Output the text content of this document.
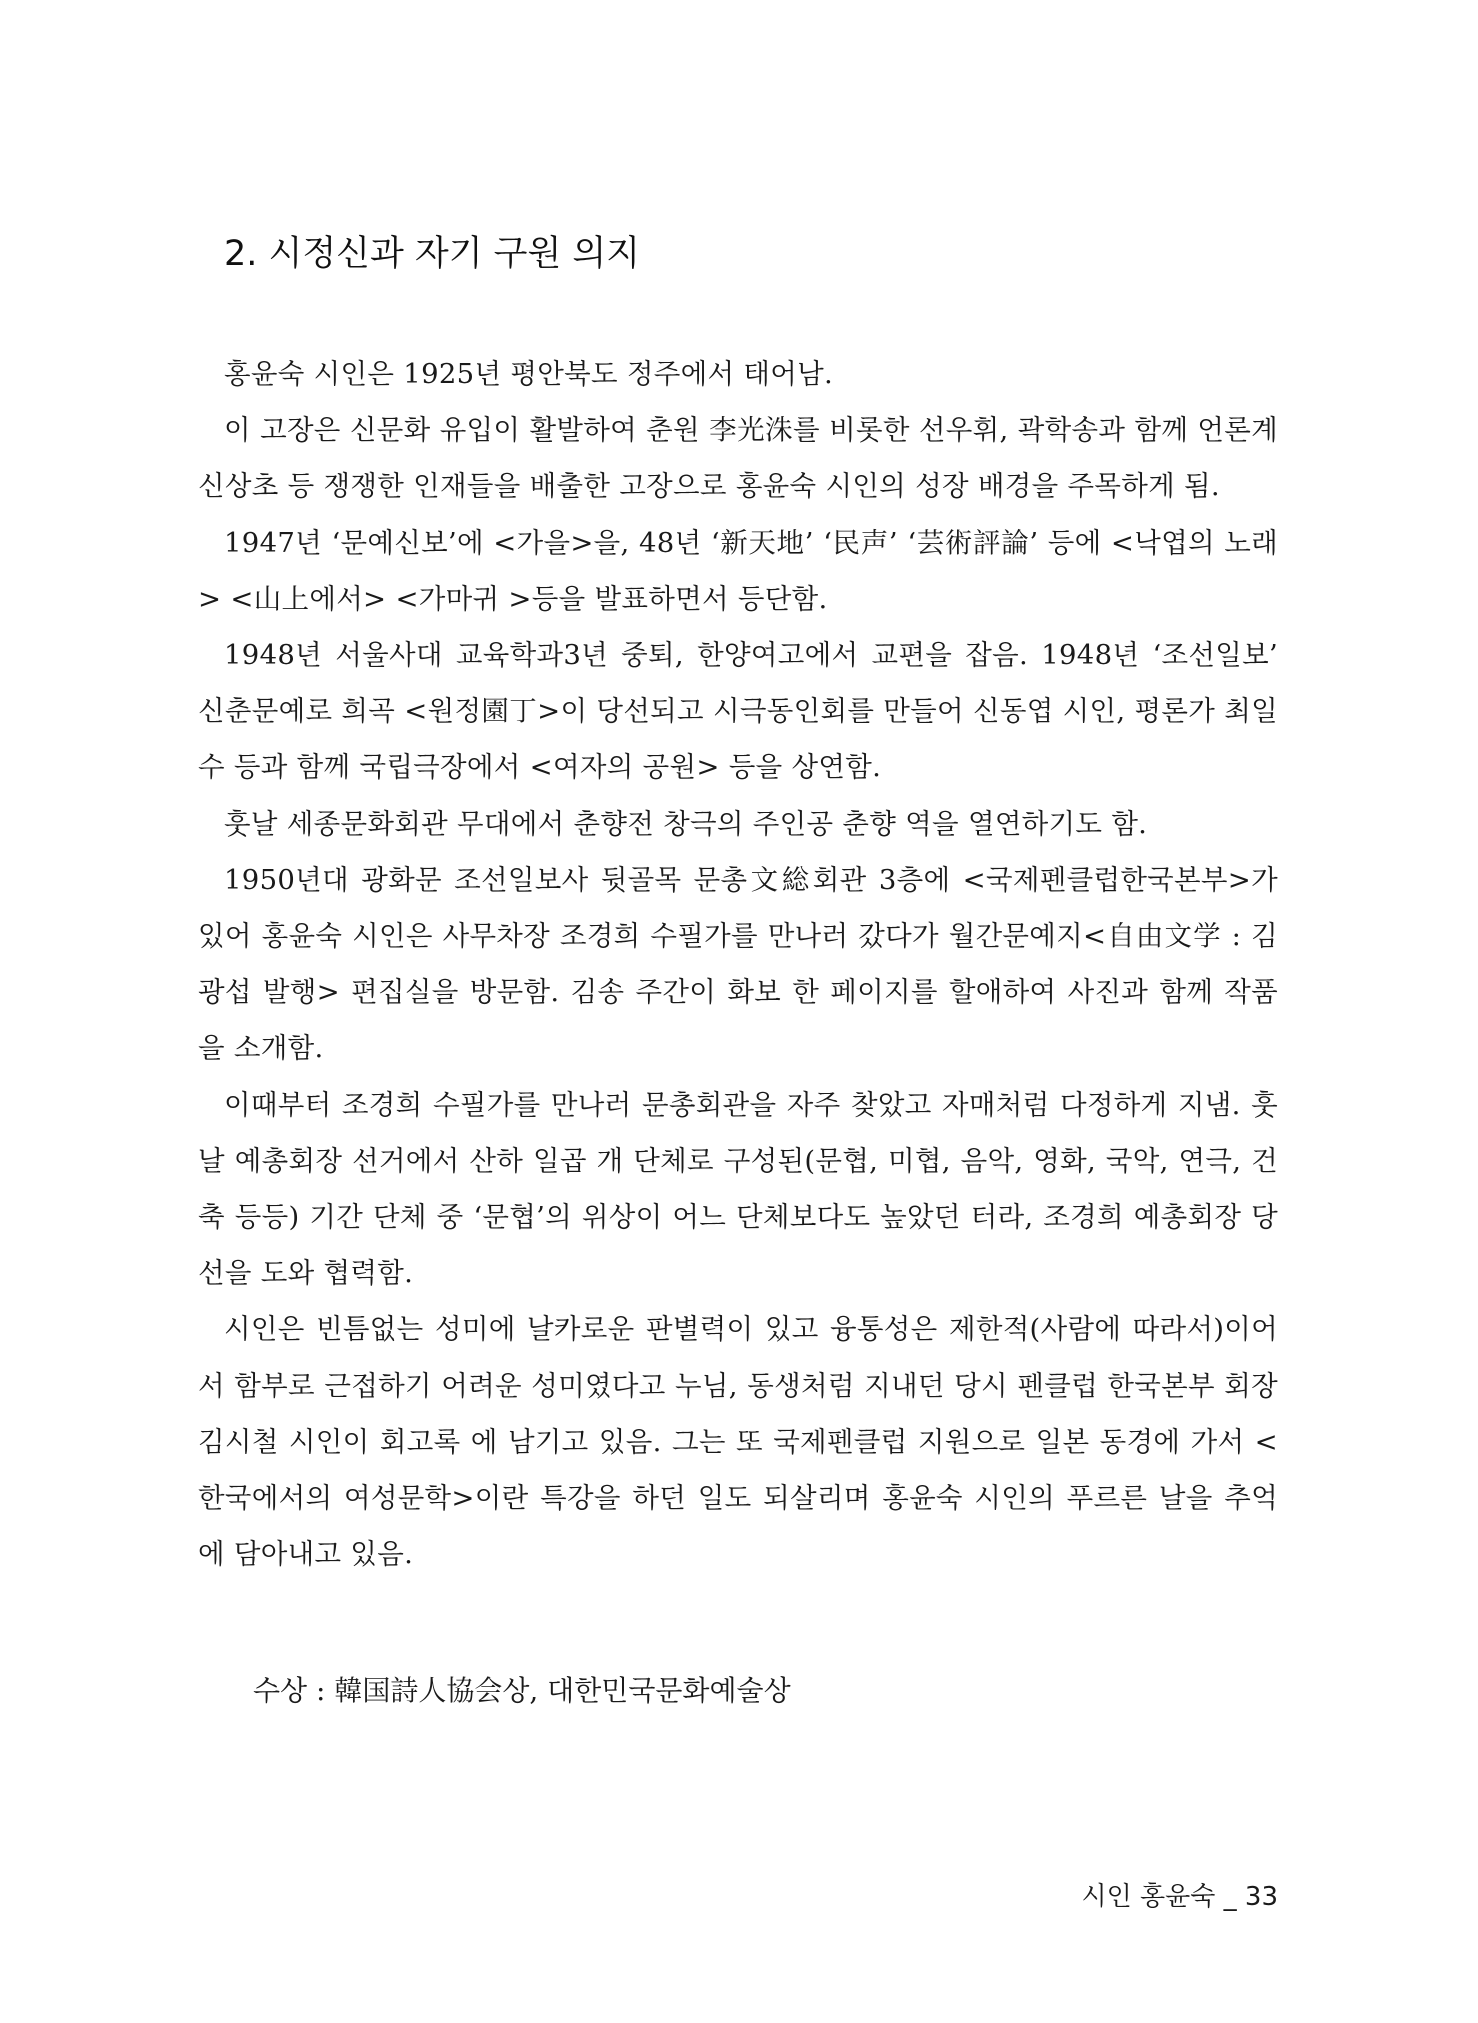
2. 시정신과 자기 구원 의지

홍윤숙 시인은 1925년 평안북도 정주에서 태어남.

이 고장은 신문화 유입이 활발하여 춘원 李光洙를 비롯한 선우휘, 곽학송과 함께 언론계 신상초 등 쟁쟁한 인재들을 배출한 고장으로 홍윤숙 시인의 성장 배경을 주목하게 됨.

1947년 ‘문예신보’에 <가을>을, 48년 ‘新天地’ ‘民声’ ‘芸術評論’ 등에 <낙엽의 노래> <山上에서> <가마귀 >등을 발표하면서 등단함.

1948년 서울사대 교육학과3년 중퇴, 한양여고에서 교편을 잡음. 1948년 ‘조선일보’ 신춘문예로 희곡 <원정園丁>이 당선되고 시극동인회를 만들어 신동엽 시인, 평론가 최일수 등과 함께 국립극장에서 <여자의 공원> 등을 상연함.

훗날 세종문화회관 무대에서 춘향전 창극의 주인공 춘향 역을 열연하기도 함.

1950년대 광화문 조선일보사 뒷골목 문총文総회관 3층에 <국제펜클럽한국본부>가 있어 홍윤숙 시인은 사무차장 조경희 수필가를 만나러 갔다가 월간문예지<自由文学 : 김광섭 발행> 편집실을 방문함. 김송 주간이 화보 한 페이지를 할애하여 사진과 함께 작품을 소개함.

이때부터 조경희 수필가를 만나러 문총회관을 자주 찾았고 자매처럼 다정하게 지냄. 훗날 예총회장 선거에서 산하 일곱 개 단체로 구성된(문협, 미협, 음악, 영화, 국악, 연극, 건축 등등) 기간 단체 중 ‘문협’의 위상이 어느 단체보다도 높았던 터라, 조경희 예총회장 당선을 도와 협력함.

시인은 빈틈없는 성미에 날카로운 판별력이 있고 융통성은 제한적(사람에 따라서)이어서 함부로 근접하기 어려운 성미였다고 누님, 동생처럼 지내던 당시 펜클럽 한국본부 회장 김시철 시인이 회고록 에 남기고 있음. 그는 또 국제펜클럽 지원으로 일본 동경에 가서 <한국에서의 여성문학>이란 특강을 하던 일도 되살리며 홍윤숙 시인의 푸르른 날을 추억에 담아내고 있음.

수상 : 韓国詩人協会상, 대한민국문화예술상
시인 홍윤숙 _ 33
